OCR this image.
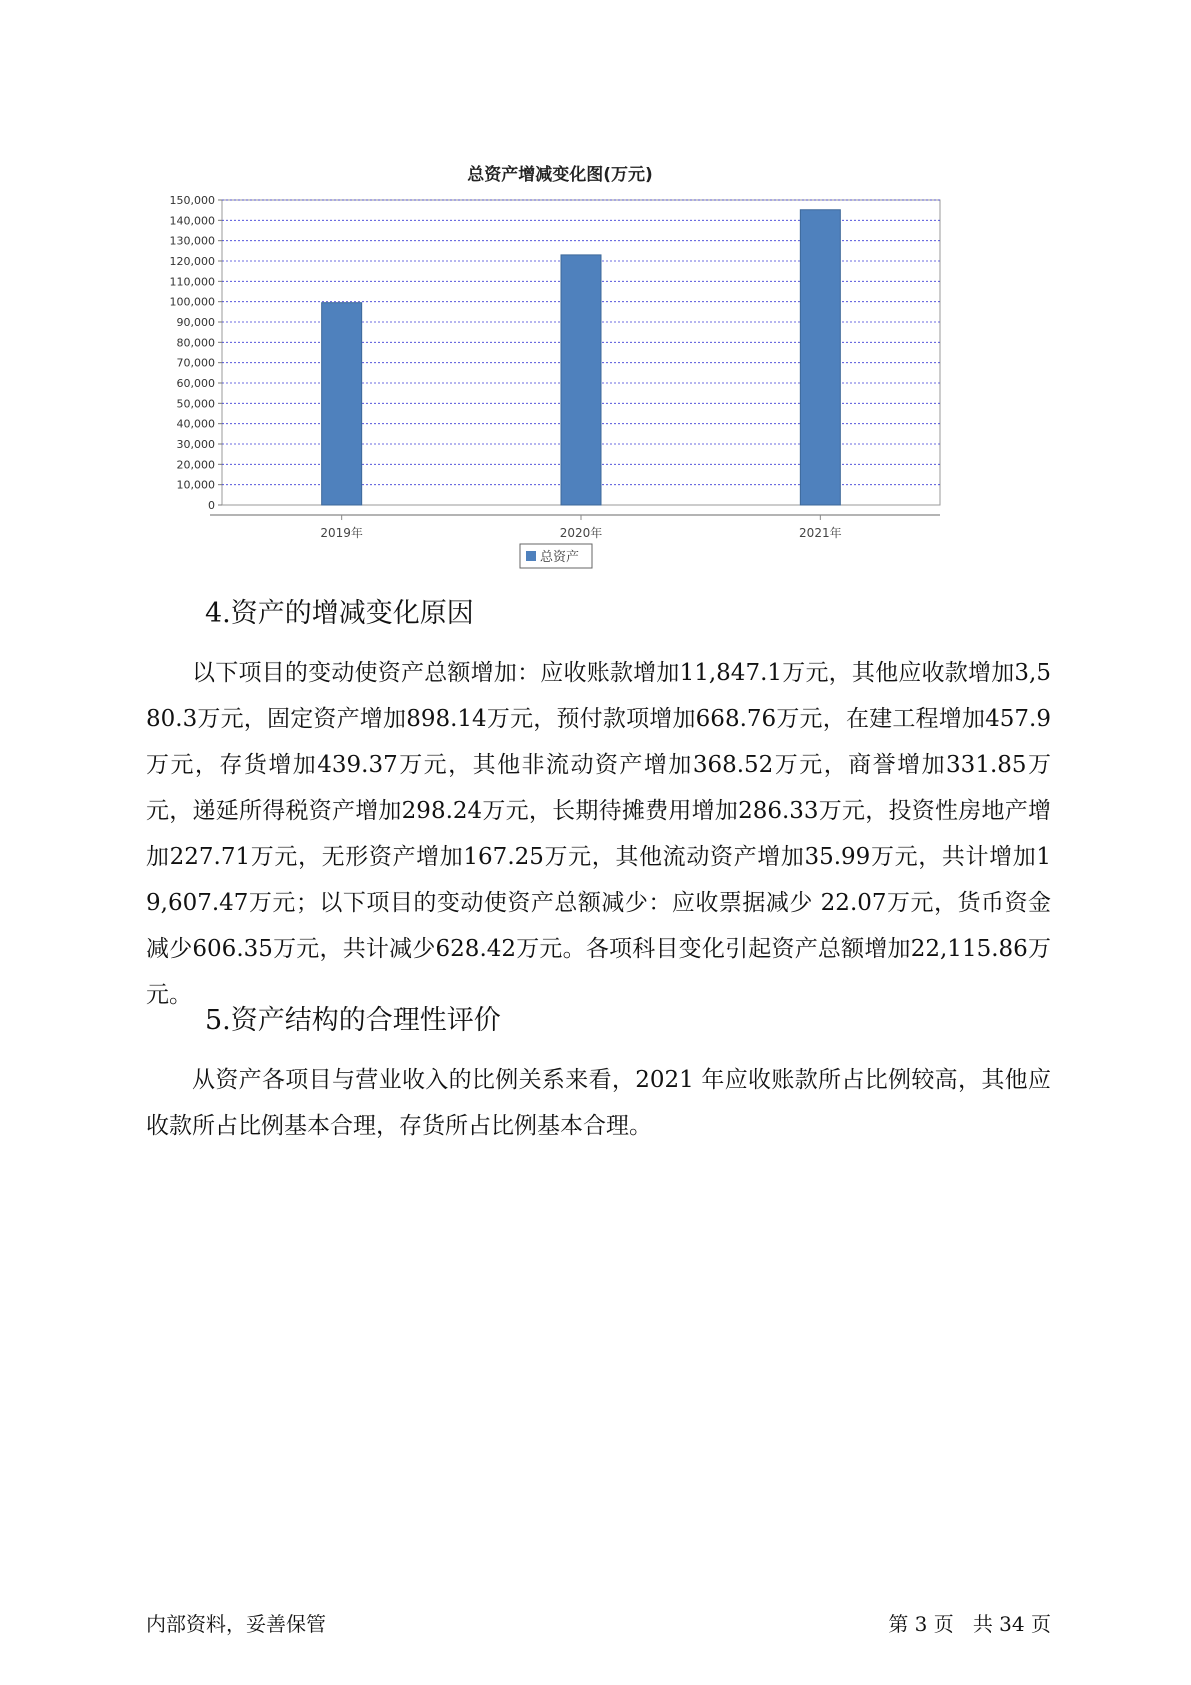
总资产增减变化图(万元)
0
10,000
20,000
30,000
40,000
50,000
60,000
70,000
80,000
90,000
100,000
110,000
120,000
130,000
140,000
150,000
2019年	2020年	2021年
总资产
4.资产的增减变化原因

以下项目的变动使资产总额增加：应收账款增加11,847.1万元，其他应收款增加3,580.3万元，固定资产增加898.14万元，预付款项增加668.76万元，在建工程增加457.9万元，存货增加439.37万元，其他非流动资产增加368.52万元，商誉增加331.85万元，递延所得税资产增加298.24万元，长期待摊费用增加286.33万元，投资性房地产增加227.71万元，无形资产增加167.25万元，其他流动资产增加35.99万元，共计增加19,607.47万元；以下项目的变动使资产总额减少：应收票据减少 22.07万元，货币资金减少606.35万元，共计减少628.42万元。各项科目变化引起资产总额增加22,115.86万元。

5.资产结构的合理性评价

从资产各项目与营业收入的比例关系来看，2021 年应收账款所占比例较高，其他应收款所占比例基本合理，存货所占比例基本合理。

内部资料，妥善保管	第 3 页   共 34 页
